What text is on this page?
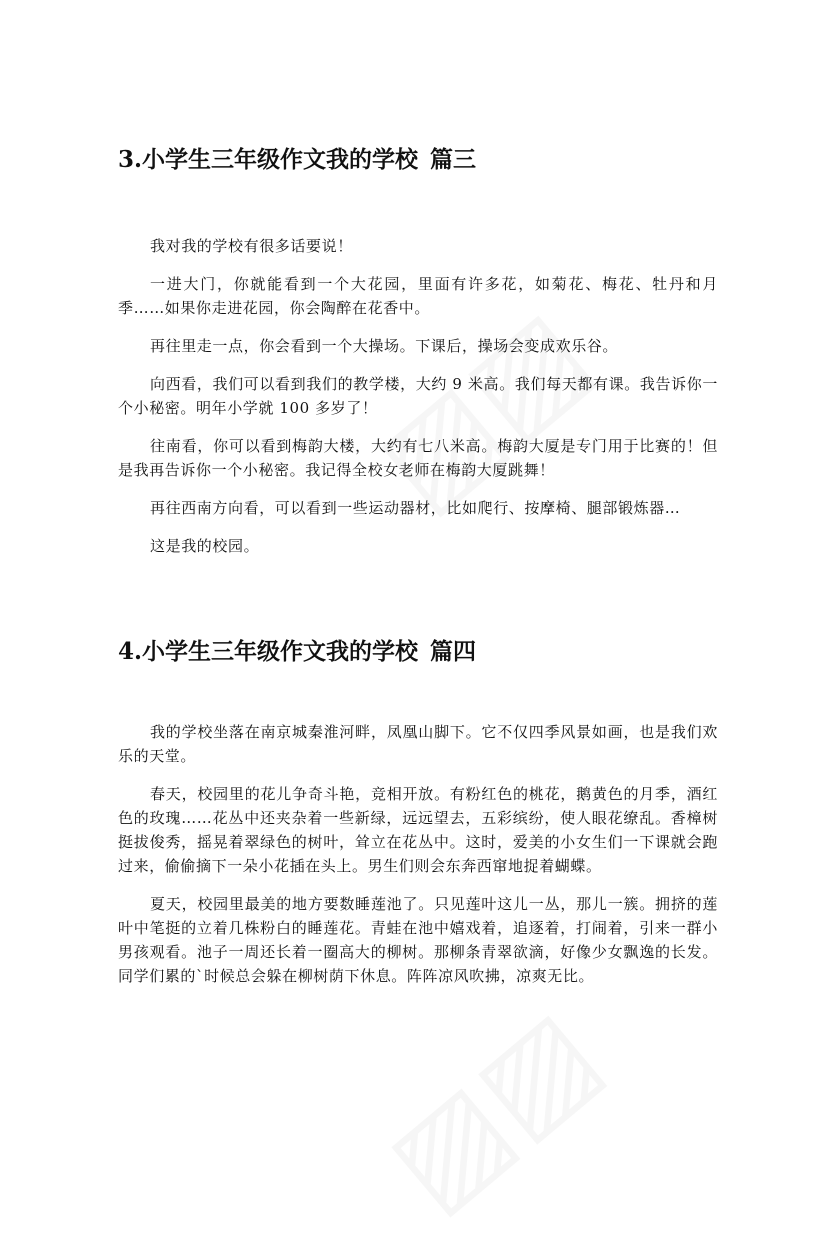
3.小学生三年级作文我的学校 篇三

我对我的学校有很多话要说！

一进大门，你就能看到一个大花园，里面有许多花，如菊花、梅花、牡丹和月季……如果你走进花园，你会陶醉在花香中。

再往里走一点，你会看到一个大操场。下课后，操场会变成欢乐谷。

向西看，我们可以看到我们的教学楼，大约 9 米高。我们每天都有课。我告诉你一个小秘密。明年小学就 100 多岁了！

往南看，你可以看到梅韵大楼，大约有七八米高。梅韵大厦是专门用于比赛的！但是我再告诉你一个小秘密。我记得全校女老师在梅韵大厦跳舞！

再往西南方向看，可以看到一些运动器材，比如爬行、按摩椅、腿部锻炼器…

这是我的校园。

4.小学生三年级作文我的学校 篇四

我的学校坐落在南京城秦淮河畔，凤凰山脚下。它不仅四季风景如画，也是我们欢乐的天堂。

春天，校园里的花儿争奇斗艳，竞相开放。有粉红色的桃花，鹅黄色的月季，酒红色的玫瑰……花丛中还夹杂着一些新绿，远远望去，五彩缤纷，使人眼花缭乱。香樟树挺拔俊秀，摇晃着翠绿色的树叶，耸立在花丛中。这时，爱美的小女生们一下课就会跑过来，偷偷摘下一朵小花插在头上。男生们则会东奔西窜地捉着蝴蝶。

夏天，校园里最美的地方要数睡莲池了。只见莲叶这儿一丛，那儿一簇。拥挤的莲叶中笔挺的立着几株粉白的睡莲花。青蛙在池中嬉戏着，追逐着，打闹着，引来一群小男孩观看。池子一周还长着一圈高大的柳树。那柳条青翠欲滴，好像少女飘逸的长发。同学们累的`时候总会躲在柳树荫下休息。阵阵凉风吹拂，凉爽无比。
